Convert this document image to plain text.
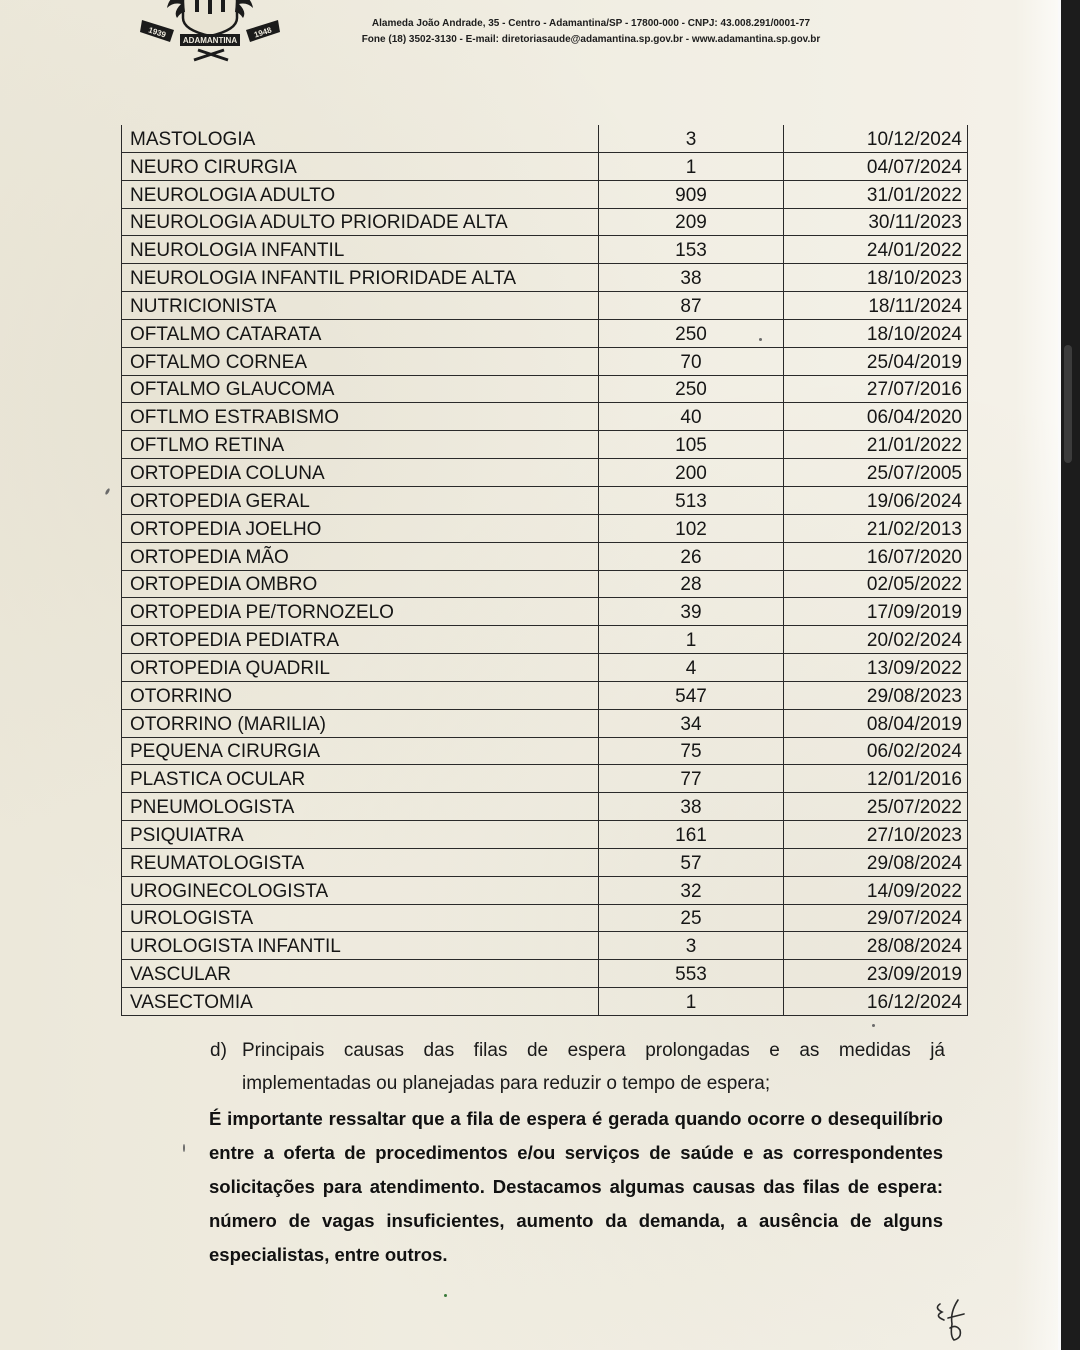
1939
ADAMANTINA
1948
Alameda João Andrade, 35 - Centro - Adamantina/SP - 17800-000 - CNPJ: 43.008.291/0001-77
Fone (18) 3502-3130 - E-mail: diretoriasaude@adamantina.sp.gov.br - www.adamantina.sp.gov.br
MASTOLOGIA	3	10/12/2024
NEURO CIRURGIA	1	04/07/2024
NEUROLOGIA ADULTO	909	31/01/2022
NEUROLOGIA ADULTO PRIORIDADE ALTA	209	30/11/2023
NEUROLOGIA INFANTIL	153	24/01/2022
NEUROLOGIA INFANTIL PRIORIDADE ALTA	38	18/10/2023
NUTRICIONISTA	87	18/11/2024
OFTALMO CATARATA	250	18/10/2024
OFTALMO CORNEA	70	25/04/2019
OFTALMO GLAUCOMA	250	27/07/2016
OFTLMO ESTRABISMO	40	06/04/2020
OFTLMO RETINA	105	21/01/2022
ORTOPEDIA COLUNA	200	25/07/2005
ORTOPEDIA GERAL	513	19/06/2024
ORTOPEDIA JOELHO	102	21/02/2013
ORTOPEDIA MÃO	26	16/07/2020
ORTOPEDIA OMBRO	28	02/05/2022
ORTOPEDIA PE/TORNOZELO	39	17/09/2019
ORTOPEDIA PEDIATRA	1	20/02/2024
ORTOPEDIA QUADRIL	4	13/09/2022
OTORRINO	547	29/08/2023
OTORRINO (MARILIA)	34	08/04/2019
PEQUENA CIRURGIA	75	06/02/2024
PLASTICA OCULAR	77	12/01/2016
PNEUMOLOGISTA	38	25/07/2022
PSIQUIATRA	161	27/10/2023
REUMATOLOGISTA	57	29/08/2024
UROGINECOLOGISTA	32	14/09/2022
UROLOGISTA	25	29/07/2024
UROLOGISTA INFANTIL	3	28/08/2024
VASCULAR	553	23/09/2019
VASECTOMIA	1	16/12/2024
d) Principais causas das filas de espera prolongadas e as medidas já
implementadas ou planejadas para reduzir o tempo de espera;
É importante ressaltar que a fila de espera é gerada quando ocorre o desequilíbrio entre a oferta de procedimentos e/ou serviços de saúde e as correspondentes solicitações para atendimento. Destacamos algumas causas das filas de espera: número de vagas insuficientes, aumento da demanda, a ausência de alguns especialistas, entre outros.
